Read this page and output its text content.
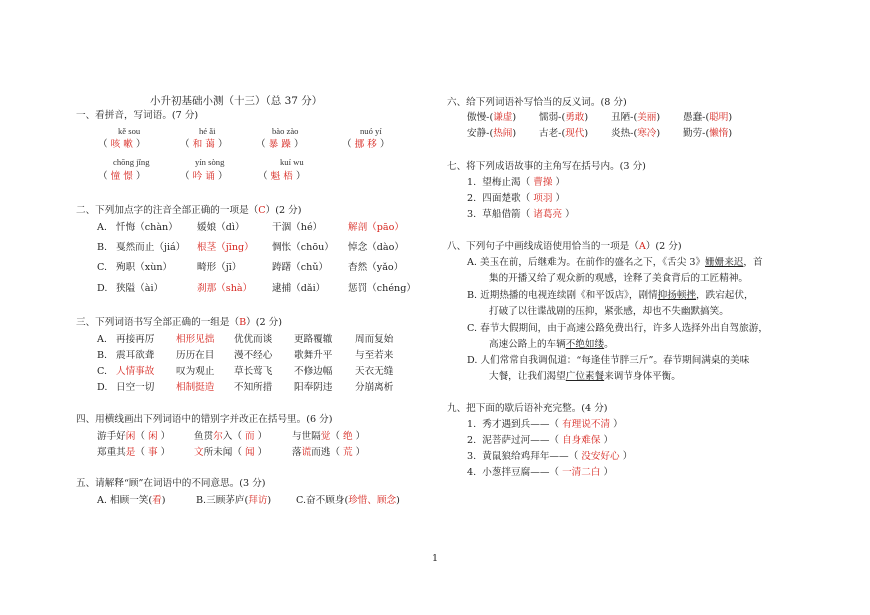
小升初基础小测（十三）（总 37 分）
一、看拼音，写词语。(7 分)
kě sou	hé ǎi	bào zào	nuó yí
（ 咳 嗽 ）	（ 和 蔼 ）	（ 暴 躁 ）	（ 挪 移 ）
chōng jǐng	yín sòng	kuí wu
（ 憧 憬 ）	（ 吟 诵 ）	（ 魁 梧 ）
二、下列加点字的注音全部正确的一项是（C）(2 分)
A. 忏悔（chàn） 媛娘（dì）	干涸（hé）	解剖（pāo）
B. 戛然而止（jiá） 根茎（jīng） 惆怅（chōu） 悼念（dào）
C. 殉职（xùn）	畸形（jī）	踌躇（chǔ） 杳然（yǎo）
D. 狭隘（ài）	刹那（shà） 逮捕（dǎi） 惩罚（chéng）
三、下列词语书写全部正确的一组是（B）(2 分)
A. 再接再厉 相形见拙 优优而谈 更路覆辙 周而复始
B. 震耳欲聋 历历在目 漫不经心 歌舞升平 与至若来
C. 人情事故 叹为观止 草长莺飞 不修边幅 天衣无缝
D. 日空一切 相制挺造 不知所措 阳奉阴违 分崩离析
四、用横线画出下列词语中的错别字并改正在括号里。(6 分)
游手好闲（ 闲 ） 鱼贯尔入（ 而 ）	与世隔觉（ 绝 ）
郑重其是（ 事 ） 文所未闻（ 闻 ）	落谎而逃（ 荒 ）
五、请解释“顾”在词语中的不同意思。(3 分)
A. 相顾一笑(看)	B.三顾茅庐(拜访)	C.奋不顾身(珍惜、顾念)
六、给下列词语补写恰当的反义词。(8 分)
傲慢-(谦虚) 懦弱-(勇敢) 丑陋-(美丽) 愚蠢-(聪明)
安静-(热闹) 古老-(现代) 炎热-(寒冷) 勤劳-(懒惰)
七、将下列成语故事的主角写在括号内。(3 分)
1. 望梅止渴（ 曹操 ）
2. 四面楚歌（ 项羽 ）
3. 草船借箭（ 诸葛亮 ）
八、下列句子中画线成语使用恰当的一项是（A）(2 分)
A. 美玉在前，后继难为。在前作的盛名之下，《舌尖 3》姗姗来迟，首
集的开播又给了观众新的观感，诠释了美食背后的工匠精神。
B. 近期热播的电视连续剧《和平饭店》，剧情抑扬顿挫，跌宕起伏，
打破了以往谍战剧的压抑，紧张感，却也不失幽默搞笑。
C. 春节大假期间，由于高速公路免费出行，许多人选择外出自驾旅游，
高速公路上的车辆不绝如缕。
D. 人们常常自我调侃道：“每逢佳节胖三斤”。春节期间满桌的美味
大餐，让我们渴望广位素餐来调节身体平衡。
九、把下面的歇后语补充完整。(4 分)
1. 秀才遇到兵——（ 有理说不清 ）
2. 泥菩萨过河——（ 自身难保 ）
3. 黄鼠狼给鸡拜年——（ 没安好心 ）
4. 小葱拌豆腐——（ 一清二白 ）
1
